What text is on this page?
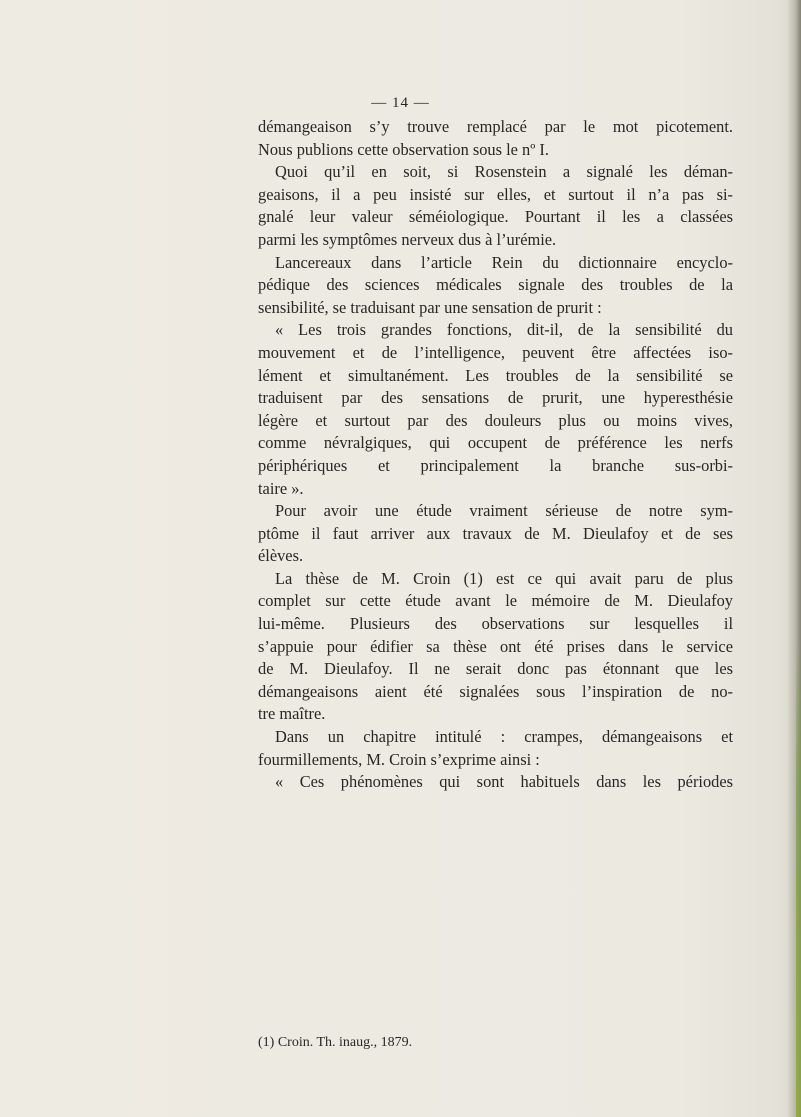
— 14 —
démangeaison s’y trouve remplacé par le mot picotement.
Nous publions cette observation sous le nº I.
Quoi qu’il en soit, si Rosenstein a signalé les déman-
geaisons, il a peu insisté sur elles, et surtout il n’a pas si-
gnalé leur valeur séméiologique. Pourtant il les a classées
parmi les symptômes nerveux dus à l’urémie.
Lancereaux dans l’article Rein du dictionnaire encyclo-
pédique des sciences médicales signale des troubles de la
sensibilité, se traduisant par une sensation de prurit :
« Les trois grandes fonctions, dit-il, de la sensibilité du
mouvement et de l’intelligence, peuvent être affectées iso-
lément et simultanément. Les troubles de la sensibilité se
traduisent par des sensations de prurit, une hyperesthésie
légère et surtout par des douleurs plus ou moins vives,
comme névralgiques, qui occupent de préférence les nerfs
périphériques et principalement la branche sus-orbi-
taire ».
Pour avoir une étude vraiment sérieuse de notre sym-
ptôme il faut arriver aux travaux de M. Dieulafoy et de ses
élèves.
La thèse de M. Croin (1) est ce qui avait paru de plus
complet sur cette étude avant le mémoire de M. Dieulafoy
lui-même. Plusieurs des observations sur lesquelles il
s’appuie pour édifier sa thèse ont été prises dans le service
de M. Dieulafoy. Il ne serait donc pas étonnant que les
démangeaisons aient été signalées sous l’inspiration de no-
tre maître.
Dans un chapitre intitulé : crampes, démangeaisons et
fourmillements, M. Croin s’exprime ainsi :
« Ces phénomènes qui sont habituels dans les périodes
(1) Croin. Th. inaug., 1879.
